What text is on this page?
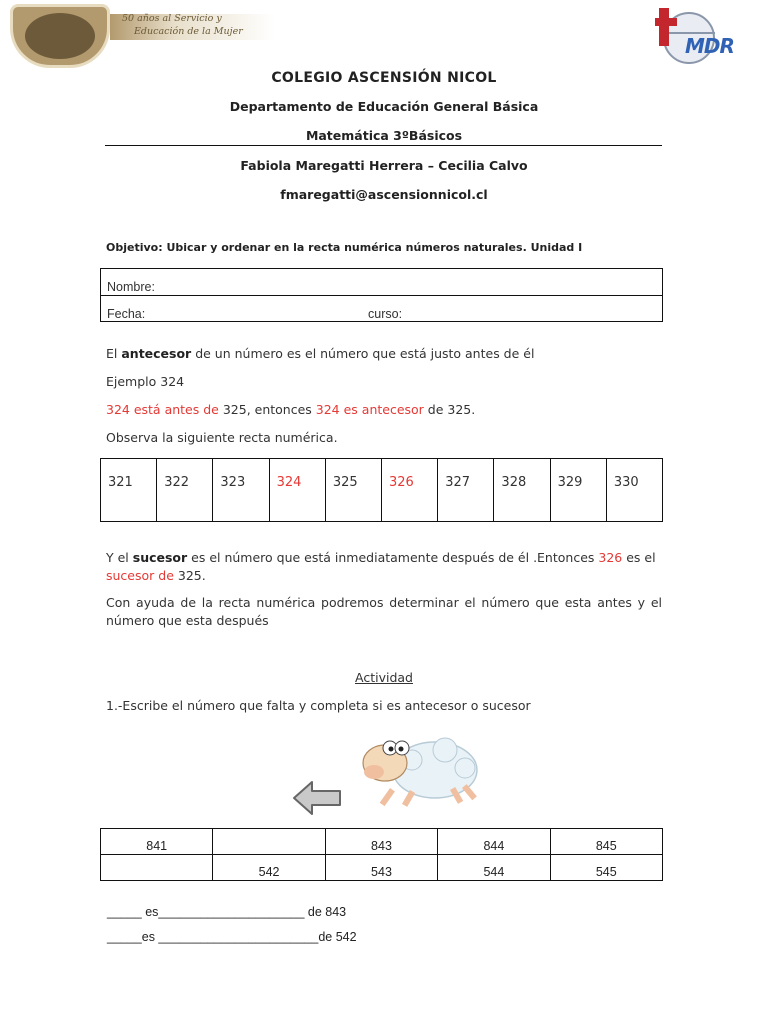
50 años al Servicio y
Educación de la Mujer
MDR
COLEGIO ASCENSIÓN NICOL
Departamento de Educación General Básica
Matemática 3ºBásicos
Fabiola Maregatti Herrera – Cecilia Calvo
fmaregatti@ascensionnicol.cl
Objetivo: Ubicar y ordenar en la recta numérica números naturales. Unidad I
Nombre:
Fecha:	curso:
El antecesor de un número es el número que está justo antes de él
Ejemplo 324
324 está antes de 325, entonces 324 es antecesor de 325.
Observa la siguiente recta numérica.
321	322	323	324	325	326	327	328	329	330
Y el sucesor es el número que está inmediatamente después de él .Entonces 326 es el
sucesor de 325.
Con ayuda de la recta numérica podremos determinar el número que esta antes y el número que esta después
Actividad
1.-Escribe el número que falta y completa si es antecesor o sucesor
841		843	844	845
	542	543	544	545
_____ es_____________________ de 843
_____es _______________________de 542
